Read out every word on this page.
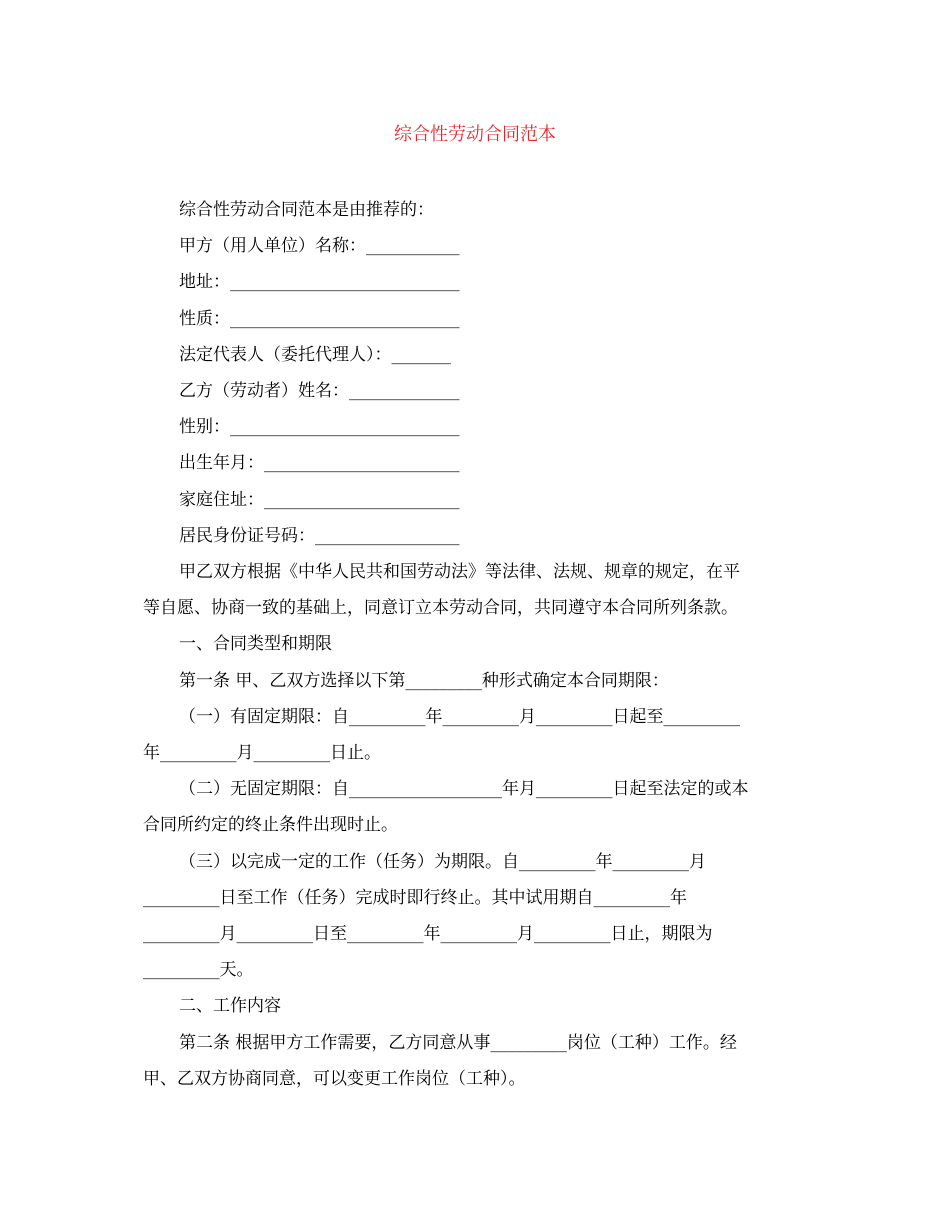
综合性劳动合同范本

综合性劳动合同范本是由推荐的：

甲方（用人单位）名称：___________

地址：___________________________

性质：___________________________

法定代表人（委托代理人）：_______

乙方（劳动者）姓名：_____________

性别：___________________________

出生年月：_______________________

家庭住址：_______________________

居民身份证号码：_________________

甲乙双方根据《中华人民共和国劳动法》等法律、法规、规章的规定，在平

等自愿、协商一致的基础上，同意订立本劳动合同，共同遵守本合同所列条款。

一、合同类型和期限

第一条 甲、乙双方选择以下第_________种形式确定本合同期限：

（一）有固定期限：自_________年_________月_________日起至_________

年_________月_________日止。

（二）无固定期限：自__________________年月_________日起至法定的或本

合同所约定的终止条件出现时止。

（三）以完成一定的工作（任务）为期限。自_________年_________月

_________日至工作（任务）完成时即行终止。其中试用期自_________年

_________月_________日至_________年_________月_________日止，期限为

_________天。

二、工作内容

第二条 根据甲方工作需要，乙方同意从事_________岗位（工种）工作。经

甲、乙双方协商同意，可以变更工作岗位（工种）。
